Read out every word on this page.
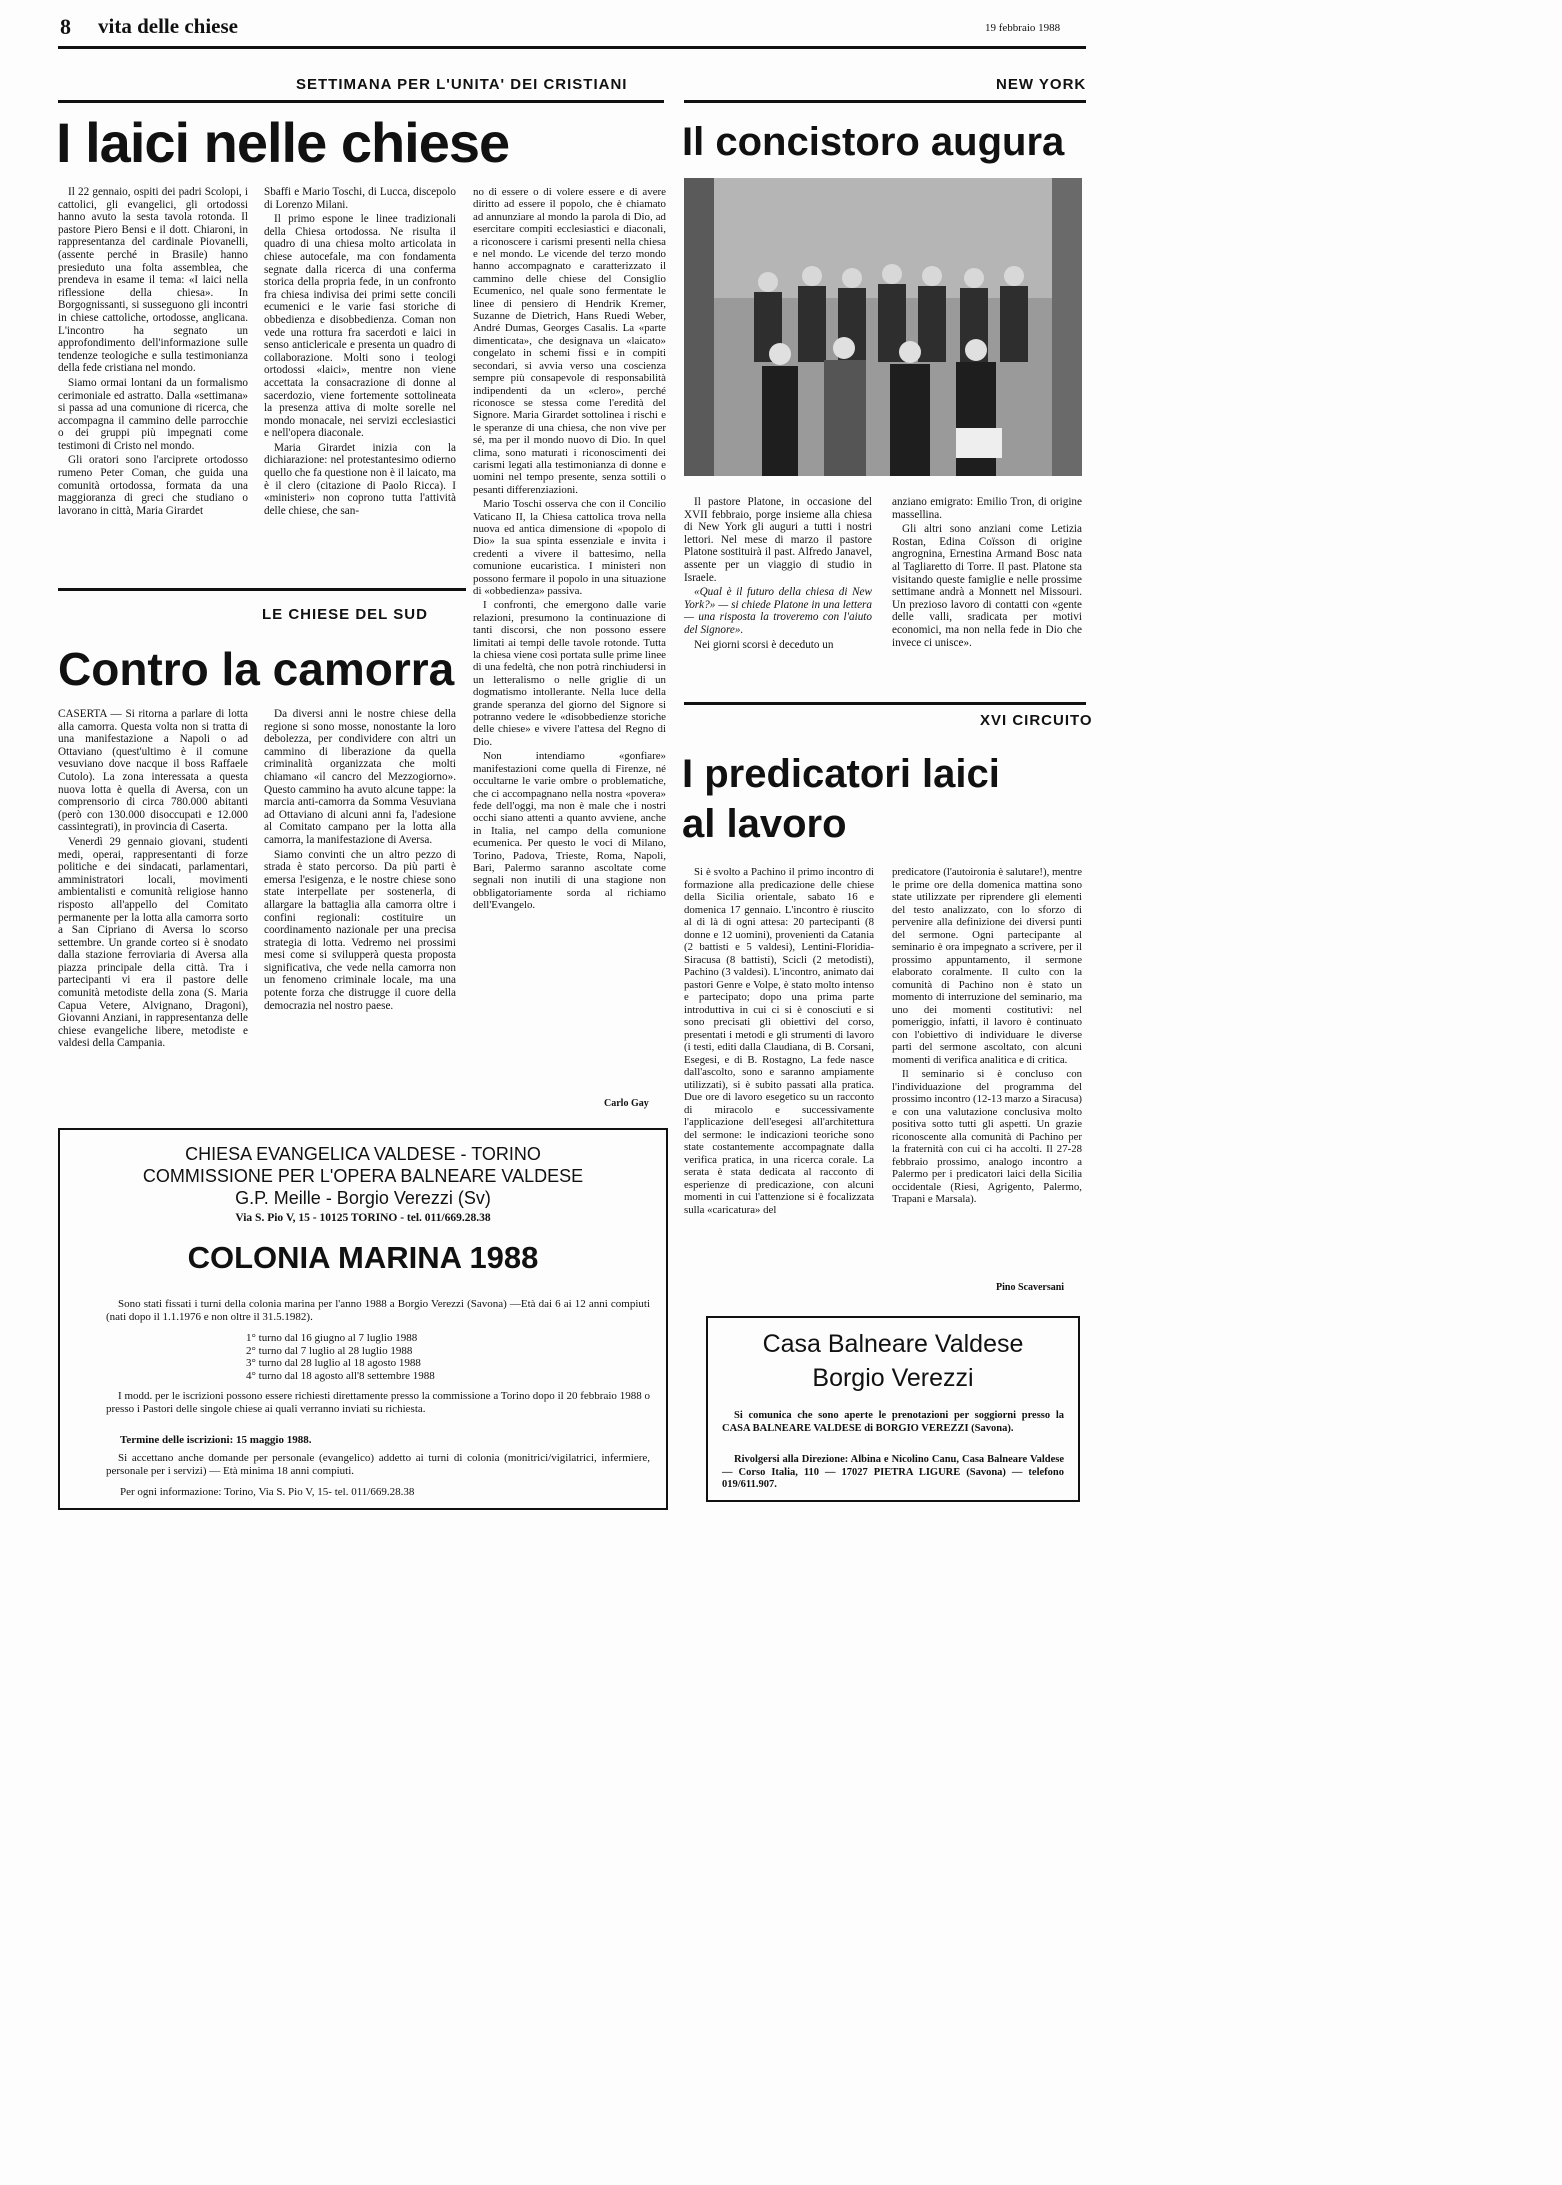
8 vita delle chiese	19 febbraio 1988
SETTIMANA PER L'UNITA' DEI CRISTIANI
I laici nelle chiese

Il 22 gennaio, ospiti dei padri Scolopi, i cattolici, gli evangelici, gli ortodossi hanno avuto la sesta tavola rotonda. Il pastore Piero Bensi e il dott. Chiaroni, in rappresentanza del cardinale Piovanelli, (assente perché in Brasile) hanno presieduto una folta assemblea, che prendeva in esame il tema: «I laici nella riflessione della chiesa». In Borgognissanti, si susseguono gli incontri in chiese cattoliche, ortodosse, anglicana. L'incontro ha segnato un approfondimento dell'informazione sulle tendenze teologiche e sulla testimonianza della fede cristiana nel mondo.

Siamo ormai lontani da un formalismo cerimoniale ed astratto. Dalla «settimana» si passa ad una comunione di ricerca, che accompagna il cammino delle parrocchie o dei gruppi più impegnati come testimoni di Cristo nel mondo.

Gli oratori sono l'arciprete ortodosso rumeno Peter Coman, che guida una comunità ortodossa, formata da una maggioranza di greci che studiano o lavorano in città, Maria Girardet

Sbaffi e Mario Toschi, di Lucca, discepolo di Lorenzo Milani.

Il primo espone le linee tradizionali della Chiesa ortodossa. Ne risulta il quadro di una chiesa molto articolata in chiese autocefale, ma con fondamenta segnate dalla ricerca di una conferma storica della propria fede, in un confronto fra chiesa indivisa dei primi sette concili ecumenici e le varie fasi storiche di obbedienza e disobbedienza. Coman non vede una rottura fra sacerdoti e laici in senso anticlericale e presenta un quadro di collaborazione. Molti sono i teologi ortodossi «laici», mentre non viene accettata la consacrazione di donne al sacerdozio, viene fortemente sottolineata la presenza attiva di molte sorelle nel mondo monacale, nei servizi ecclesiastici e nell'opera diaconale.

Maria Girardet inizia con la dichiarazione: nel protestantesimo odierno quello che fa questione non è il laicato, ma è il clero (citazione di Paolo Ricca). I «ministeri» non coprono tutta l'attività delle chiese, che san-

no di essere o di volere essere e di avere diritto ad essere il popolo, che è chiamato ad annunziare al mondo la parola di Dio, ad esercitare compiti ecclesiastici e diaconali, a riconoscere i carismi presenti nella chiesa e nel mondo. Le vicende del terzo mondo hanno accompagnato e caratterizzato il cammino delle chiese del Consiglio Ecumenico, nel quale sono fermentate le linee di pensiero di Hendrik Kremer, Suzanne de Dietrich, Hans Ruedi Weber, André Dumas, Georges Casalis. La «parte dimenticata», che designava un «laicato» congelato in schemi fissi e in compiti secondari, si avvia verso una coscienza sempre più consapevole di responsabilità indipendenti da un «clero», perché riconosce se stessa come l'eredità del Signore. Maria Girardet sottolinea i rischi e le speranze di una chiesa, che non vive per sé, ma per il mondo nuovo di Dio. In quel clima, sono maturati i riconoscimenti dei carismi legati alla testimonianza di donne e uomini nel tempo presente, senza sottili o pesanti differenziazioni.

Mario Toschi osserva che con il Concilio Vaticano II, la Chiesa cattolica trova nella nuova ed antica dimensione di «popolo di Dio» la sua spinta essenziale e invita i credenti a vivere il battesimo, nella comunione eucaristica. I ministeri non possono fermare il popolo in una situazione di «obbedienza» passiva.

I confronti, che emergono dalle varie relazioni, presumono la continuazione di tanti discorsi, che non possono essere limitati ai tempi delle tavole rotonde. Tutta la chiesa viene così portata sulle prime linee di una fedeltà, che non potrà rinchiudersi in un letteralismo o nelle griglie di un dogmatismo intollerante. Nella luce della grande speranza del giorno del Signore si potranno vedere le «disobbedienze storiche delle chiese» e vivere l'attesa del Regno di Dio.

Non intendiamo «gonfiare» manifestazioni come quella di Firenze, né occultarne le varie ombre o problematiche, che ci accompagnano nella nostra «povera» fede dell'oggi, ma non è male che i nostri occhi siano attenti a quanto avviene, anche in Italia, nel campo della comunione ecumenica. Per questo le voci di Milano, Torino, Padova, Trieste, Roma, Napoli, Bari, Palermo saranno ascoltate come segnali non inutili di una stagione non obbligatoriamente sorda al richiamo dell'Evangelo.

Carlo Gay
LE CHIESE DEL SUD
Contro la camorra

CASERTA — Si ritorna a parlare di lotta alla camorra. Questa volta non si tratta di una manifestazione a Napoli o ad Ottaviano (quest'ultimo è il comune vesuviano dove nacque il boss Raffaele Cutolo). La zona interessata a questa nuova lotta è quella di Aversa, con un comprensorio di circa 780.000 abitanti (però con 130.000 disoccupati e 12.000 cassintegrati), in provincia di Caserta.

Venerdì 29 gennaio giovani, studenti medi, operai, rappresentanti di forze politiche e dei sindacati, parlamentari, amministratori locali, movimenti ambientalisti e comunità religiose hanno risposto all'appello del Comitato permanente per la lotta alla camorra sorto a San Cipriano di Aversa lo scorso settembre. Un grande corteo si è snodato dalla stazione ferroviaria di Aversa alla piazza principale della città. Tra i partecipanti vi era il pastore delle comunità metodiste della zona (S. Maria Capua Vetere, Alvignano, Dragoni), Giovanni Anziani, in rappresentanza delle chiese evangeliche libere, metodiste e valdesi della Campania.

Da diversi anni le nostre chiese della regione si sono mosse, nonostante la loro debolezza, per condividere con altri un cammino di liberazione da quella criminalità organizzata che molti chiamano «il cancro del Mezzogiorno». Questo cammino ha avuto alcune tappe: la marcia anti-camorra da Somma Vesuviana ad Ottaviano di alcuni anni fa, l'adesione al Comitato campano per la lotta alla camorra, la manifestazione di Aversa.

Siamo convinti che un altro pezzo di strada è stato percorso. Da più parti è emersa l'esigenza, e le nostre chiese sono state interpellate per sostenerla, di allargare la battaglia alla camorra oltre i confini regionali: costituire un coordinamento nazionale per una precisa strategia di lotta. Vedremo nei prossimi mesi come si svilupperà questa proposta significativa, che vede nella camorra non un fenomeno criminale locale, ma una potente forza che distrugge il cuore della democrazia nel nostro paese.

CHIESA EVANGELICA VALDESE - TORINO
COMMISSIONE PER L'OPERA BALNEARE VALDESE
G.P. Meille - Borgio Verezzi (Sv)
Via S. Pio V, 15 - 10125 TORINO - tel. 011/669.28.38
COLONIA MARINA 1988
Sono stati fissati i turni della colonia marina per l'anno 1988 a Borgio Verezzi (Savona) —Età dai 6 ai 12 anni compiuti (nati dopo il 1.1.1976 e non oltre il 31.5.1982).
1° turno dal 16 giugno al 7 luglio 1988
2° turno dal 7 luglio al 28 luglio 1988
3° turno dal 28 luglio al 18 agosto 1988
4° turno dal 18 agosto all'8 settembre 1988
I modd. per le iscrizioni possono essere richiesti direttamente presso la commissione a Torino dopo il 20 febbraio 1988 o presso i Pastori delle singole chiese ai quali verranno inviati su richiesta.
Termine delle iscrizioni: 15 maggio 1988.
Si accettano anche domande per personale (evangelico) addetto ai turni di colonia (monitrici/vigilatrici, infermiere, personale per i servizi) — Età minima 18 anni compiuti.
Per ogni informazione: Torino, Via S. Pio V, 15- tel. 011/669.28.38
NEW YORK
Il concistoro augura

Il pastore Platone, in occasione del XVII febbraio, porge insieme alla chiesa di New York gli auguri a tutti i nostri lettori. Nel mese di marzo il pastore Platone sostituirà il past. Alfredo Janavel, assente per un viaggio di studio in Israele.

«Qual è il futuro della chiesa di New York?» — si chiede Platone in una lettera — una risposta la troveremo con l'aiuto del Signore».

Nei giorni scorsi è deceduto un

anziano emigrato: Emilio Tron, di origine massellina.

Gli altri sono anziani come Letizia Rostan, Edina Coïsson di origine angrognina, Ernestina Armand Bosc nata al Tagliaretto di Torre. Il past. Platone sta visitando queste famiglie e nelle prossime settimane andrà a Monnett nel Missouri. Un prezioso lavoro di contatti con «gente delle valli, sradicata per motivi economici, ma non nella fede in Dio che invece ci unisce».

XVI CIRCUITO
I predicatori laici
al lavoro

Si è svolto a Pachino il primo incontro di formazione alla predicazione delle chiese della Sicilia orientale, sabato 16 e domenica 17 gennaio. L'incontro è riuscito al di là di ogni attesa: 20 partecipanti (8 donne e 12 uomini), provenienti da Catania (2 battisti e 5 valdesi), Lentini-Floridia-Siracusa (8 battisti), Scicli (2 metodisti), Pachino (3 valdesi). L'incontro, animato dai pastori Genre e Volpe, è stato molto intenso e partecipato; dopo una prima parte introduttiva in cui ci si è conosciuti e si sono precisati gli obiettivi del corso, presentati i metodi e gli strumenti di lavoro (i testi, editi dalla Claudiana, di B. Corsani, Esegesi, e di B. Rostagno, La fede nasce dall'ascolto, sono e saranno ampiamente utilizzati), si è subito passati alla pratica. Due ore di lavoro esegetico su un racconto di miracolo e successivamente l'applicazione dell'esegesi all'architettura del sermone: le indicazioni teoriche sono state costantemente accompagnate dalla verifica pratica, in una ricerca corale. La serata è stata dedicata al racconto di esperienze di predicazione, con alcuni momenti in cui l'attenzione si è focalizzata sulla «caricatura» del

predicatore (l'autoironia è salutare!), mentre le prime ore della domenica mattina sono state utilizzate per riprendere gli elementi del testo analizzato, con lo sforzo di pervenire alla definizione dei diversi punti del sermone. Ogni partecipante al seminario è ora impegnato a scrivere, per il prossimo appuntamento, il sermone elaborato coralmente. Il culto con la comunità di Pachino non è stato un momento di interruzione del seminario, ma uno dei momenti costitutivi: nel pomeriggio, infatti, il lavoro è continuato con l'obiettivo di individuare le diverse parti del sermone ascoltato, con alcuni momenti di verifica analitica e di critica.

Il seminario si è concluso con l'individuazione del programma del prossimo incontro (12-13 marzo a Siracusa) e con una valutazione conclusiva molto positiva sotto tutti gli aspetti. Un grazie riconoscente alla comunità di Pachino per la fraternità con cui ci ha accolti. Il 27-28 febbraio prossimo, analogo incontro a Palermo per i predicatori laici della Sicilia occidentale (Riesi, Agrigento, Palermo, Trapani e Marsala).

Pino Scaversani
Casa Balneare Valdese
Borgio Verezzi
Si comunica che sono aperte le prenotazioni per soggiorni presso la CASA BALNEARE VALDESE di BORGIO VEREZZI (Savona).
Rivolgersi alla Direzione: Albina e Nicolino Canu, Casa Balneare Valdese — Corso Italia, 110 — 17027 PIETRA LIGURE (Savona) — telefono 019/611.907.
